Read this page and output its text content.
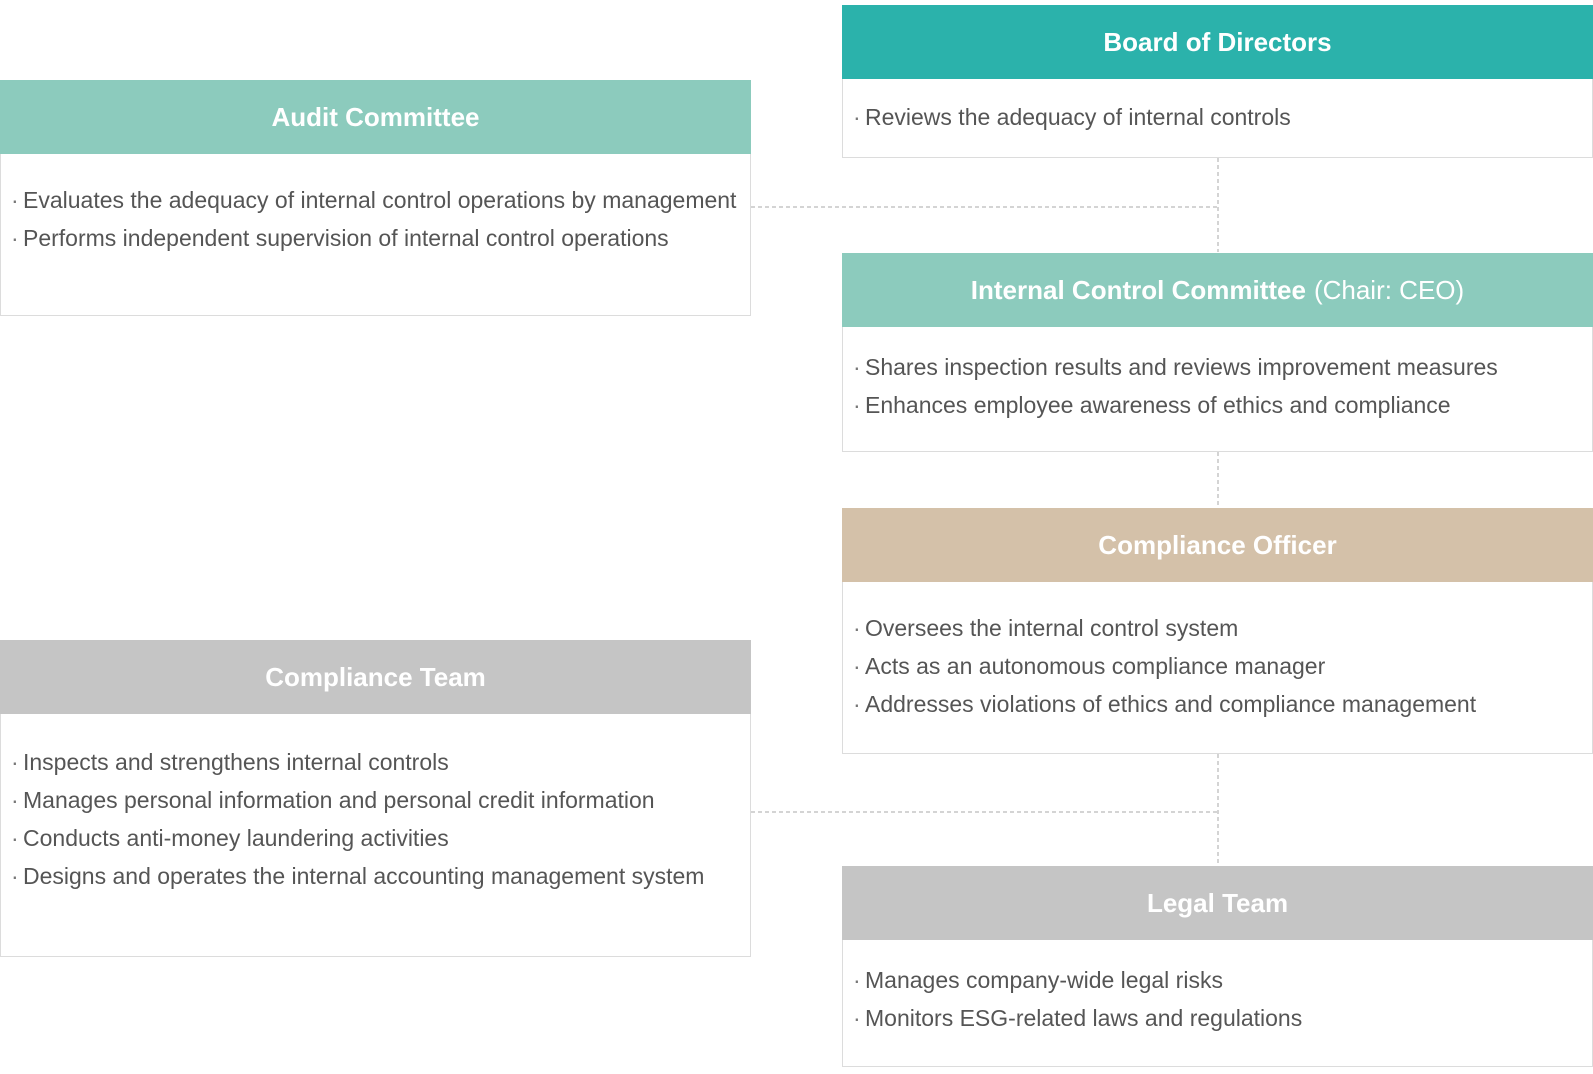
Board of Directors
· Reviews the adequacy of internal controls
Audit Committee
· Evaluates the adequacy of internal control operations by management
· Performs independent supervision of internal control operations
Internal Control Committee (Chair: CEO)
· Shares inspection results and reviews improvement measures
· Enhances employee awareness of ethics and compliance
Compliance Officer
· Oversees the internal control system
· Acts as an autonomous compliance manager
· Addresses violations of ethics and compliance management
Compliance Team
· Inspects and strengthens internal controls
· Manages personal information and personal credit information
· Conducts anti-money laundering activities
· Designs and operates the internal accounting management system
Legal Team
· Manages company-wide legal risks
· Monitors ESG-related laws and regulations
